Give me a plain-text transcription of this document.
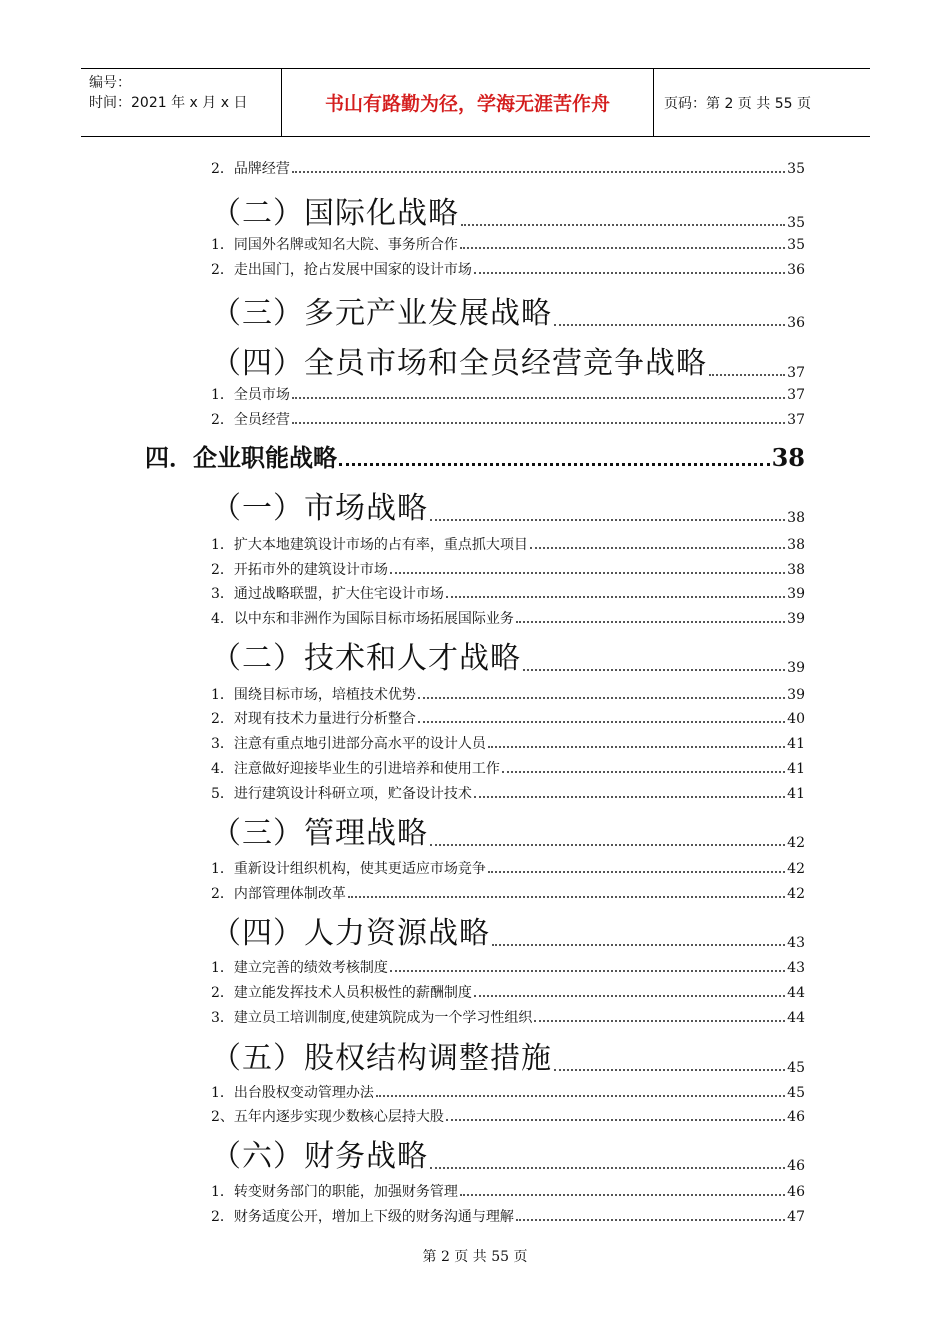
编号：
时间：2021 年 x 月 x 日	书山有路勤为径，学海无涯苦作舟	页码：第 2 页 共 55 页
2．品牌经营	35
（二）国际化战略	35
1．同国外名牌或知名大院、事务所合作	35
2．走出国门，抢占发展中国家的设计市场	36
（三）多元产业发展战略	36
（四）全员市场和全员经营竞争战略	37
1．全员市场	37
2．全员经营	37
四．企业职能战略	38
（一）市场战略	38
1．扩大本地建筑设计市场的占有率，重点抓大项目	38
2．开拓市外的建筑设计市场	38
3．通过战略联盟，扩大住宅设计市场	39
4．以中东和非洲作为国际目标市场拓展国际业务	39
（二）技术和人才战略	39
1．围绕目标市场，培植技术优势	39
2．对现有技术力量进行分析整合	40
3．注意有重点地引进部分高水平的设计人员	41
4．注意做好迎接毕业生的引进培养和使用工作	41
5．进行建筑设计科研立项，贮备设计技术	41
（三）管理战略	42
1．重新设计组织机构，使其更适应市场竞争	42
2．内部管理体制改革	42
（四）人力资源战略	43
1．建立完善的绩效考核制度	43
2．建立能发挥技术人员积极性的薪酬制度	44
3．建立员工培训制度,使建筑院成为一个学习性组织	44
（五）股权结构调整措施	45
1．出台股权变动管理办法	45
2、五年内逐步实现少数核心层持大股	46
（六）财务战略	46
1．转变财务部门的职能，加强财务管理	46
2．财务适度公开，增加上下级的财务沟通与理解	47
第 2 页 共 55 页
